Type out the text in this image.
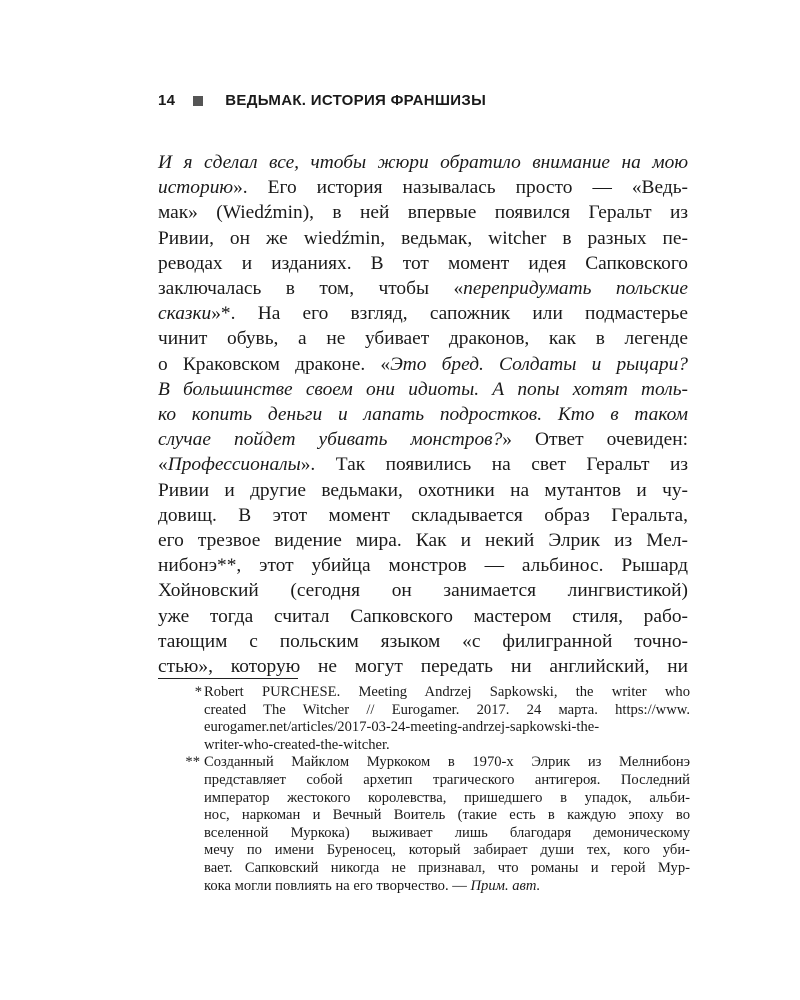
14	ВЕДЬМАК. ИСТОРИЯ ФРАНШИЗЫ
И я сделал все, чтобы жюри обратило внимание на мою
историю». Его история называлась просто — «Ведь-
мак» (Wiedźmin), в ней впервые появился Геральт из
Ривии, он же wiedźmin, ведьмак, witcher в разных пе-
реводах и изданиях. В тот момент идея Сапковского
заключалась в том, чтобы «перепридумать польские
сказки»*. На его взгляд, сапожник или подмастерье
чинит обувь, а не убивает драконов, как в легенде
о Краковском драконе. «Это бред. Солдаты и рыцари?
В большинстве своем они идиоты. А попы хотят толь-
ко копить деньги и лапать подростков. Кто в таком
случае пойдет убивать монстров?» Ответ очевиден:
«Профессионалы». Так появились на свет Геральт из
Ривии и другие ведьмаки, охотники на мутантов и чу-
довищ. В этот момент складывается образ Геральта,
его трезвое видение мира. Как и некий Элрик из Мел-
нибонэ**, этот убийца монстров — альбинос. Рышард
Хойновский (сегодня он занимается лингвистикой)
уже тогда считал Сапковского мастером стиля, рабо-
тающим с польским языком «с филигранной точно-
стью», которую не могут передать ни английский, ни
* Robert PURCHESE. Meeting Andrzej Sapkowski, the writer who
created The Witcher // Eurogamer. 2017. 24 марта. https://www.
eurogamer.net/articles/2017-03-24-meeting-andrzej-sapkowski-the-
writer-who-created-the-witcher.
** Созданный Майклом Муркоком в 1970-х Элрик из Мелнибонэ
представляет собой архетип трагического антигероя. Последний
император жестокого королевства, пришедшего в упадок, альби-
нос, наркоман и Вечный Воитель (такие есть в каждую эпоху во
вселенной Муркока) выживает лишь благодаря демоническому
мечу по имени Буреносец, который забирает души тех, кого уби-
вает. Сапковский никогда не признавал, что романы и герой Мур-
кока могли повлиять на его творчество. — Прим. авт.
